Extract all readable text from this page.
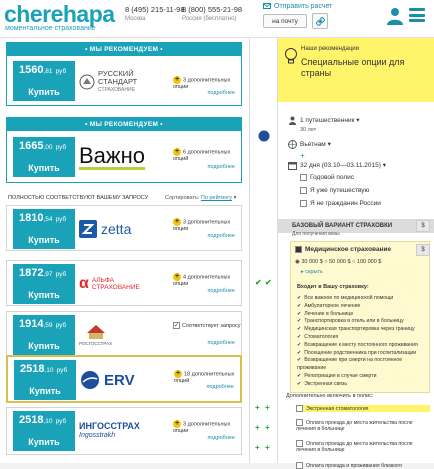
cherehapa
моментальное страхование
8 (495) 215-11-98
Москва
8 (800) 555-21-98
Россия (бесплатно)
Отправить расчет
на почту
• МЫ РЕКОМЕНДУЕМ •
1560,81 руб
Купить
РУССКИЙ СТАНДАРТ
СТРАХОВАНИЕ
+ 3 дополнительных опции
подробнее
• МЫ РЕКОМЕНДУЕМ •
1665,00 руб
Купить
Важно	+ 6 дополнительных опций
подробнее
ПОЛНОСТЬЮ СООТВЕТСТВУЮТ ВАШЕМУ ЗАПРОСУ	Сортировать: По рейтингу ▾
1810,54 руб
Купить
zetta	+ 3 дополнительных опции
подробнее
1872,97 руб
Купить
α АЛЬФА СТРАХОВАНИЕ
+ 4 дополнительных опции
подробнее
1914,59 руб
Купить	РОСГОССТРАХ
✓ Соответствует запросу
подробнее
2518,10 руб
Купить
ERV	+ 18 дополнительных опций
подробнее
2518,10 руб
Купить
ИНГОССТРАХ
Ingosstrakh
+ 3 дополнительных опции
подробнее
✔ ✔
+ +
+ +
+ +
Наши рекомендации
Специальные опции для страны
1 путешественник ▾
30 лет
Вьетнам ▾
+
32 дня (03.10—03.11.2015) ▾
Годовой полис
Я уже путешествую
Я не гражданин России
БАЗОВЫЙ ВАРИАНТ СТРАХОВКИ
Для получения визы
$
Медицинское страхование
◉ 30 000 $ ○ 50 000 $ ○ 100 000 $
▸ скрыть
Входит в Вашу страховку:
✔ Все важное по медицинской помощи
✔ Амбулаторное лечение
✔ Лечение в больнице
✔ Транспортировка в отель или в больницу
✔ Медицинская транспортировка через границу
✔ Стоматология
✔ Возвращение к месту постоянного проживания
✔ Посещение родственника при госпитализации
✔ Возвращение при смерти на постоянное проживание
✔ Репатриация в случае смерти
✔ Экстренная связь
$
Дополнительно включить в полис:
Экстренная стоматология
Оплата проезда до места жительства после лечения в больнице
Оплата проезда до места жительства после лечения в больнице
Оплата проезда и проживания близкого
